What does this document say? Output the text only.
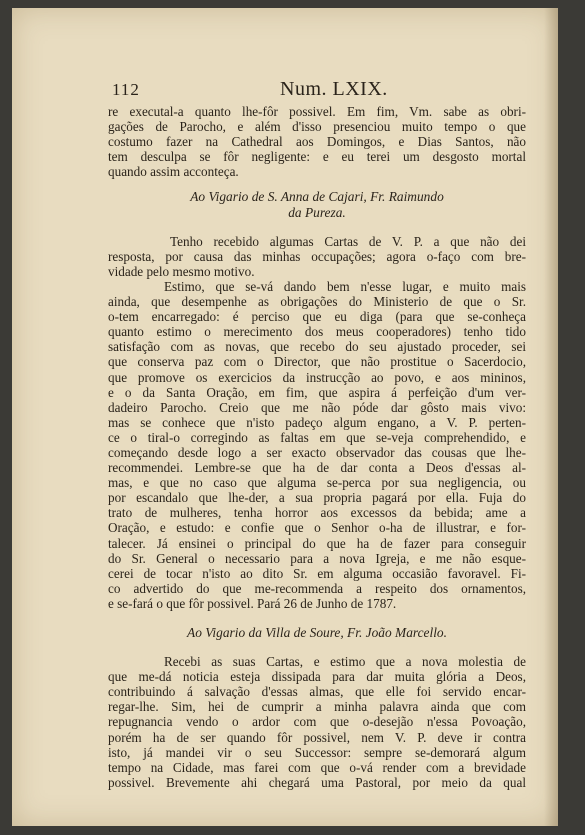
112	Num. LXIX.
re executal-a quanto lhe-fôr possivel. Em fim, Vm. sabe as obri-
gações de Parocho, e além d'isso presenciou muito tempo o que
costumo fazer na Cathedral aos Domingos, e Dias Santos, não
tem desculpa se fôr negligente: e eu terei um desgosto mortal
quando assim acconteça.
Ao Vigario de S. Anna de Cajari, Fr. Raimundo
da Pureza.
Tenho recebido algumas Cartas de V. P. a que não dei
resposta, por causa das minhas occupações; agora o-faço com bre-
vidade pelo mesmo motivo.
Estimo, que se-vá dando bem n'esse lugar, e muito mais
ainda, que desempenhe as obrigações do Ministerio de que o Sr.
o-tem encarregado: é perciso que eu diga (para que se-conheça
quanto estimo o merecimento dos meus cooperadores) tenho tido
satisfação com as novas, que recebo do seu ajustado proceder, sei
que conserva paz com o Director, que não prostitue o Sacerdocio,
que promove os exercicios da instrucção ao povo, e aos mininos,
e o da Santa Oração, em fim, que aspira á perfeição d'um ver-
dadeiro Parocho. Creio que me não póde dar gôsto mais vivo:
mas se conhece que n'isto padeço algum engano, a V. P. perten-
ce o tiral-o corregindo as faltas em que se-veja comprehendido, e
começando desde logo a ser exacto observador das cousas que lhe-
recommendei. Lembre-se que ha de dar conta a Deos d'essas al-
mas, e que no caso que alguma se-perca por sua negligencia, ou
por escandalo que lhe-der, a sua propria pagará por ella. Fuja do
trato de mulheres, tenha horror aos excessos da bebida; ame a
Oração, e estudo: e confie que o Senhor o-ha de illustrar, e for-
talecer. Já ensinei o principal do que ha de fazer para conseguir
do Sr. General o necessario para a nova Igreja, e me não esque-
cerei de tocar n'isto ao dito Sr. em alguma occasião favoravel. Fi-
co advertido do que me-recommenda a respeito dos ornamentos,
e se-fará o que fôr possivel. Pará 26 de Junho de 1787.
Ao Vigario da Villa de Soure, Fr. João Marcello.
Recebi as suas Cartas, e estimo que a nova molestia de
que me-dá noticia esteja dissipada para dar muita glória a Deos,
contribuindo á salvação d'essas almas, que elle foi servido encar-
regar-lhe. Sim, hei de cumprir a minha palavra ainda que com
repugnancia vendo o ardor com que o-desejão n'essa Povoação,
porém ha de ser quando fôr possivel, nem V. P. deve ir contra
isto, já mandei vir o seu Successor: sempre se-demorará algum
tempo na Cidade, mas farei com que o-vá render com a brevidade
possivel. Brevemente ahi chegará uma Pastoral, por meio da qual
